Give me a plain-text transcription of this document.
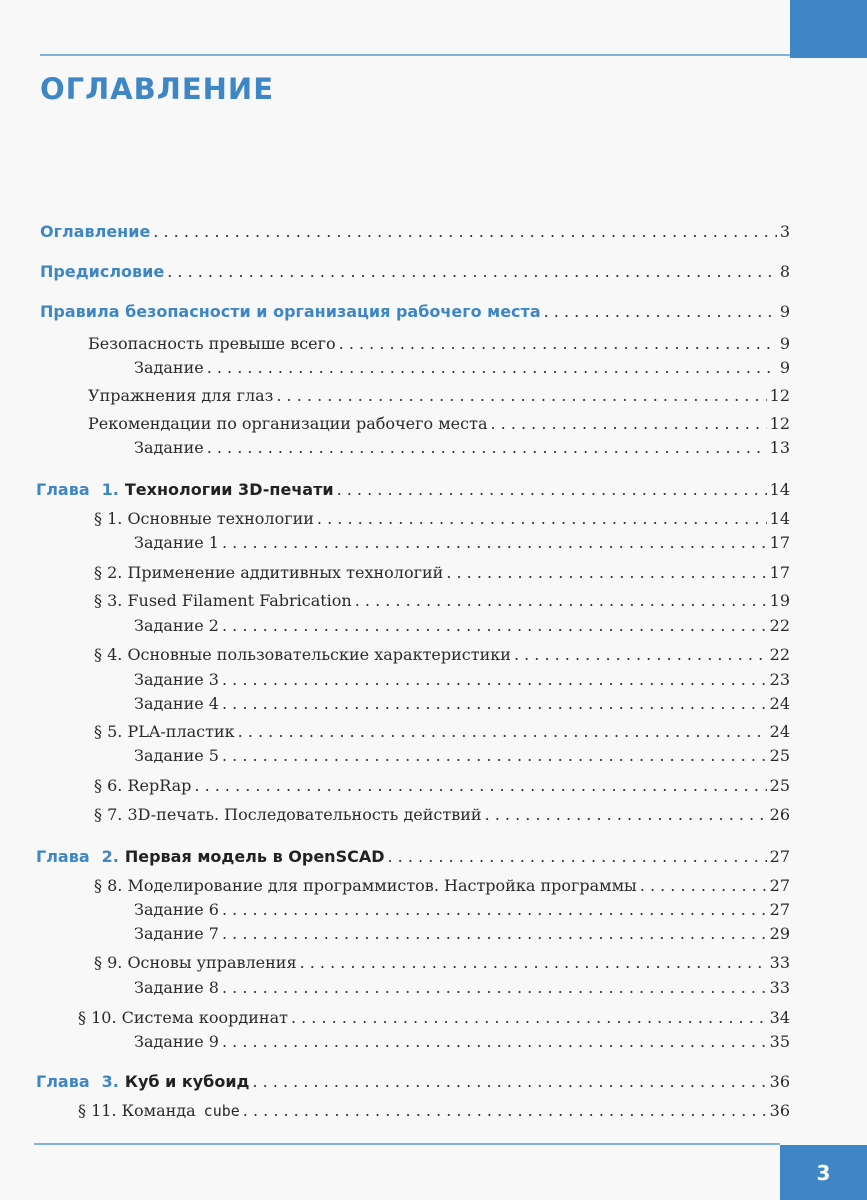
ОГЛАВЛЕНИЕ
Оглавление . . .	3
Предисловие . . .	8
Правила безопасности и организация рабочего места . . .	9
Безопасность превыше всего . . .	9
Задание . . .	9
Упражнения для глаз . . .	12
Рекомендации по организации рабочего места . . .	12
Задание . . .	13
Глава 1. Технологии 3D-печати . . .	14
§ 1. Основные технологии . . .	14
Задание 1 . . .	17
§ 2. Применение аддитивных технологий . . .	17
§ 3. Fused Filament Fabrication . . .	19
Задание 2 . . .	22
§ 4. Основные пользовательские характеристики . . .	22
Задание 3 . . .	23
Задание 4 . . .	24
§ 5. PLA-пластик . . .	24
Задание 5 . . .	25
§ 6. RepRap . . .	25
§ 7. 3D-печать. Последовательность действий . . .	26
Глава 2. Первая модель в OpenSCAD . . .	27
§ 8. Моделирование для программистов. Настройка программы . . .	27
Задание 6 . . .	27
Задание 7 . . .	29
§ 9. Основы управления . . .	33
Задание 8 . . .	33
§ 10. Система координат . . .	34
Задание 9 . . .	35
Глава 3. Куб и кубоид . . .	36
§ 11. Команда cube . . .	36
3
